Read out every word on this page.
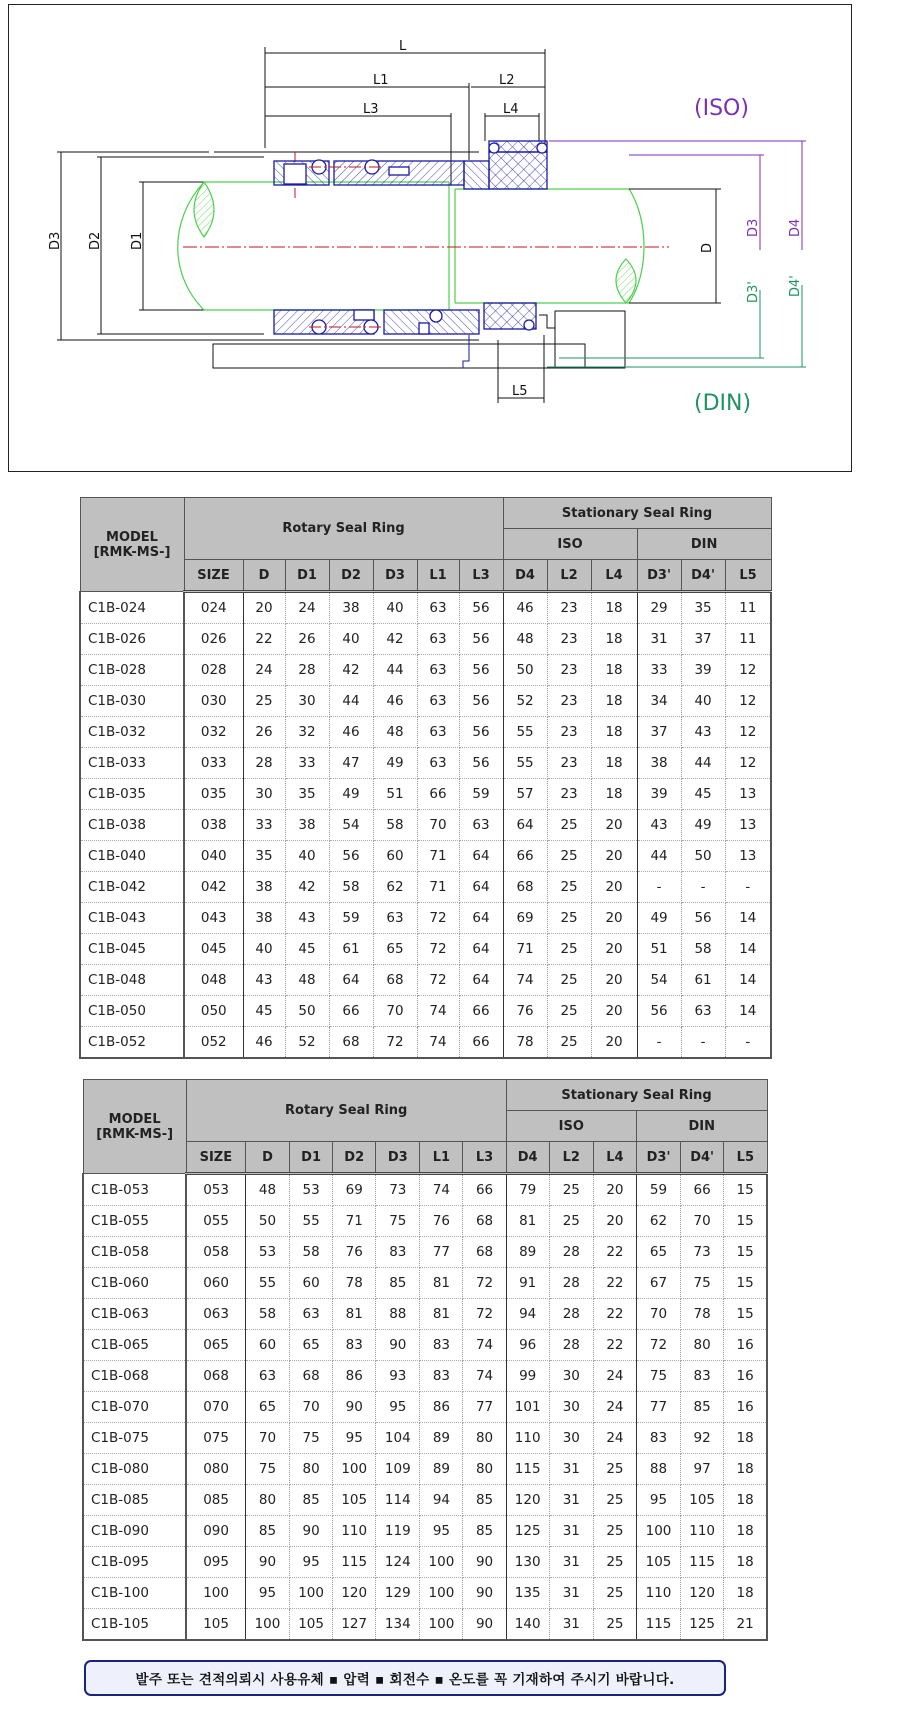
L
L1	L2
L3	L4
D3 D2 D1
L5
D
(ISO)
D3 D4
(DIN)
D3' D4'
MODEL
[RMK-MS-]	Rotary Seal Ring							Stationary Seal Ring					
								ISO			DIN		
	SIZE	D	D1	D2	D3	L1	L3	D4	L2	L4	D3'	D4'	L5
C1B-024	024	20	24	38	40	63	56	46	23	18	29	35	11
C1B-026	026	22	26	40	42	63	56	48	23	18	31	37	11
C1B-028	028	24	28	42	44	63	56	50	23	18	33	39	12
C1B-030	030	25	30	44	46	63	56	52	23	18	34	40	12
C1B-032	032	26	32	46	48	63	56	55	23	18	37	43	12
C1B-033	033	28	33	47	49	63	56	55	23	18	38	44	12
C1B-035	035	30	35	49	51	66	59	57	23	18	39	45	13
C1B-038	038	33	38	54	58	70	63	64	25	20	43	49	13
C1B-040	040	35	40	56	60	71	64	66	25	20	44	50	13
C1B-042	042	38	42	58	62	71	64	68	25	20	-	-	-
C1B-043	043	38	43	59	63	72	64	69	25	20	49	56	14
C1B-045	045	40	45	61	65	72	64	71	25	20	51	58	14
C1B-048	048	43	48	64	68	72	64	74	25	20	54	61	14
C1B-050	050	45	50	66	70	74	66	76	25	20	56	63	14
C1B-052	052	46	52	68	72	74	66	78	25	20	-	-	-
MODEL
[RMK-MS-]	Rotary Seal Ring							Stationary Seal Ring					
								ISO			DIN		
	SIZE	D	D1	D2	D3	L1	L3	D4	L2	L4	D3'	D4'	L5
C1B-053	053	48	53	69	73	74	66	79	25	20	59	66	15
C1B-055	055	50	55	71	75	76	68	81	25	20	62	70	15
C1B-058	058	53	58	76	83	77	68	89	28	22	65	73	15
C1B-060	060	55	60	78	85	81	72	91	28	22	67	75	15
C1B-063	063	58	63	81	88	81	72	94	28	22	70	78	15
C1B-065	065	60	65	83	90	83	74	96	28	22	72	80	16
C1B-068	068	63	68	86	93	83	74	99	30	24	75	83	16
C1B-070	070	65	70	90	95	86	77	101	30	24	77	85	16
C1B-075	075	70	75	95	104	89	80	110	30	24	83	92	18
C1B-080	080	75	80	100	109	89	80	115	31	25	88	97	18
C1B-085	085	80	85	105	114	94	85	120	31	25	95	105	18
C1B-090	090	85	90	110	119	95	85	125	31	25	100	110	18
C1B-095	095	90	95	115	124	100	90	130	31	25	105	115	18
C1B-100	100	95	100	120	129	100	90	135	31	25	110	120	18
C1B-105	105	100	105	127	134	100	90	140	31	25	115	125	21
발주 또는 견적의뢰시 사용유체 ▪ 압력 ▪ 회전수 ▪ 온도를 꼭 기재하여 주시기 바랍니다.
